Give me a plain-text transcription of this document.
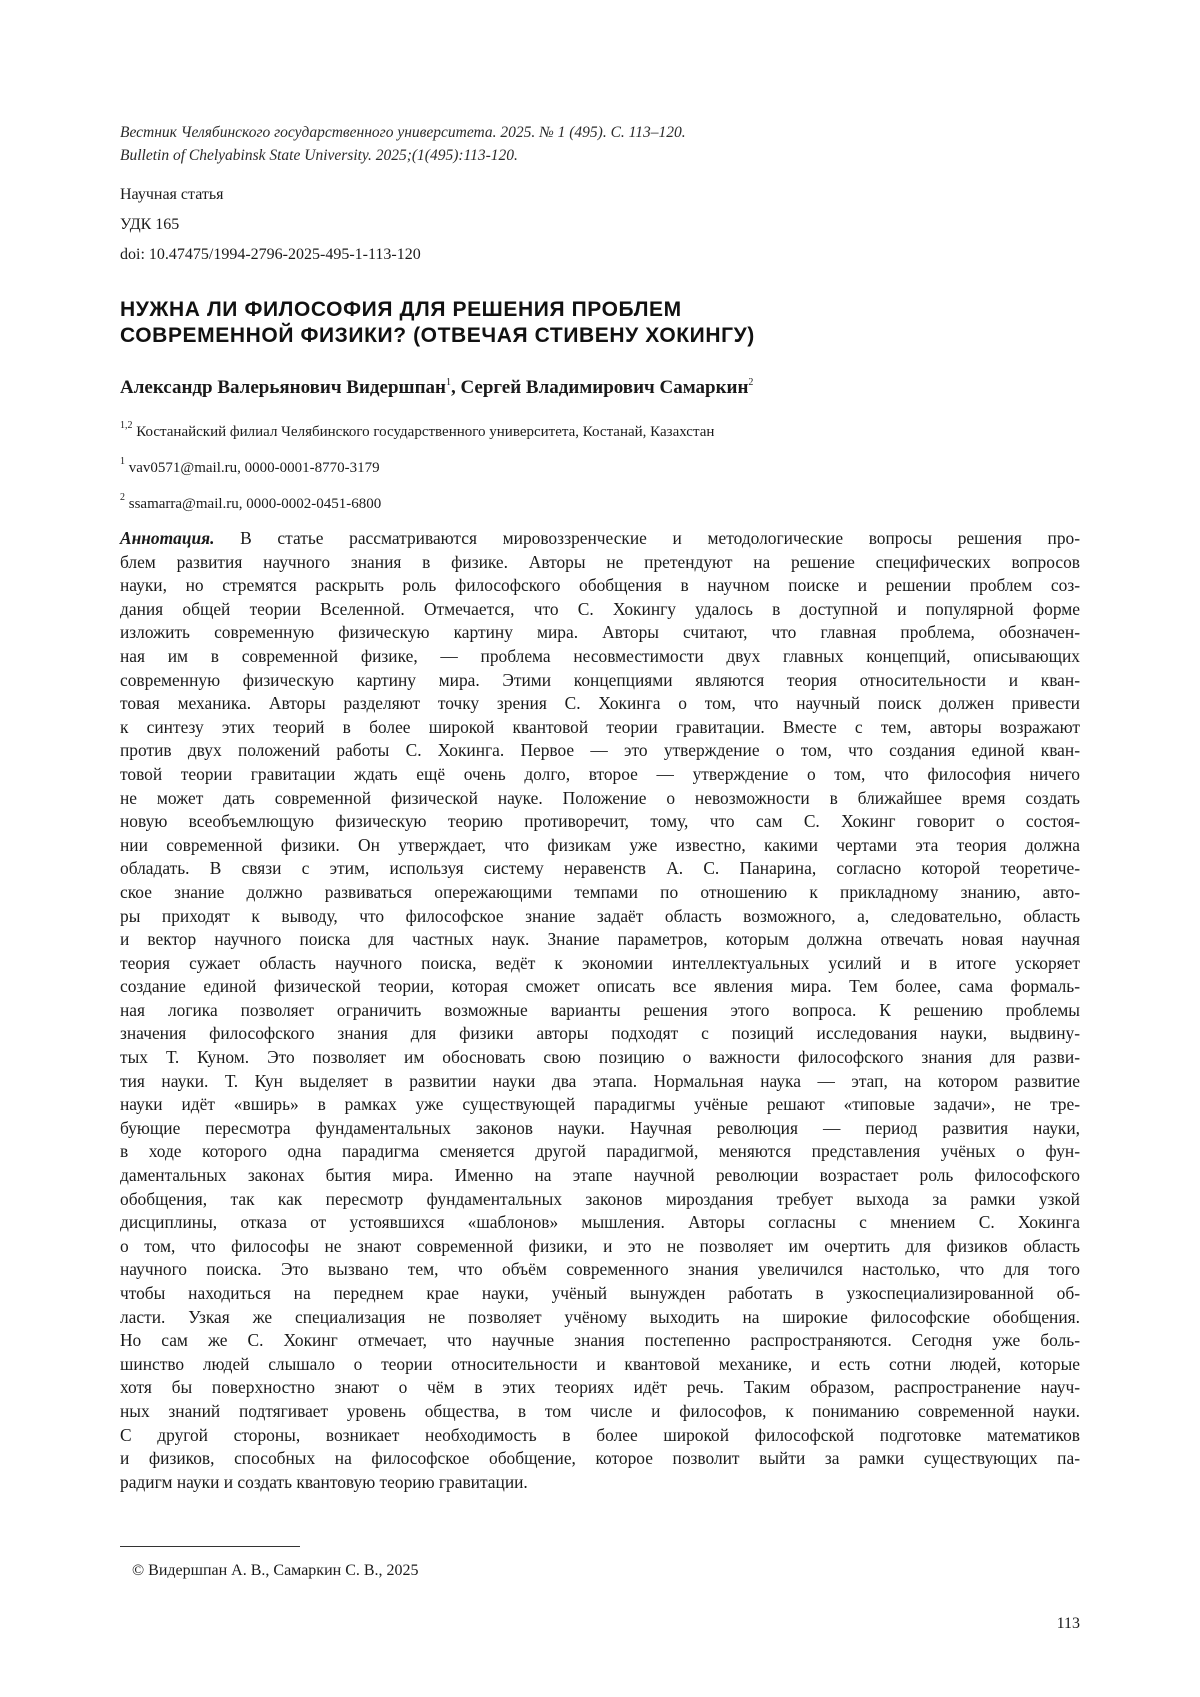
Вестник Челябинского государственного университета. 2025. № 1 (495). С. 113–120.
Bulletin of Chelyabinsk State University. 2025;(1(495):113-120.
Научная статья
УДК 165
doi: 10.47475/1994-2796-2025-495-1-113-120
НУЖНА ЛИ ФИЛОСОФИЯ ДЛЯ РЕШЕНИЯ ПРОБЛЕМ
СОВРЕМЕННОЙ ФИЗИКИ? (ОТВЕЧАЯ СТИВЕНУ ХОКИНГУ)
Александр Валерьянович Видершпан$^1$, Сергей Владимирович Самаркин$^2$
$^{1,2}$ Костанайский филиал Челябинского государственного университета, Костанай, Казахстан
$^1$ vav0571@mail.ru, 0000-0001-8770-3179
$^2$ ssamarra@mail.ru, 0000-0002-0451-6800
Аннотация. В статье рассматриваются мировоззренческие и методологические вопросы решения про-
блем развития научного знания в физике. Авторы не претендуют на решение специфических вопросов
науки, но стремятся раскрыть роль философского обобщения в научном поиске и решении проблем соз-
дания общей теории Вселенной. Отмечается, что С. Хокингу удалось в доступной и популярной форме
изложить современную физическую картину мира. Авторы считают, что главная проблема, обозначен-
ная им в современной физике, — проблема несовместимости двух главных концепций, описывающих
современную физическую картину мира. Этими концепциями являются теория относительности и кван-
товая механика. Авторы разделяют точку зрения С. Хокинга о том, что научный поиск должен привести
к синтезу этих теорий в более широкой квантовой теории гравитации. Вместе с тем, авторы возражают
против двух положений работы С. Хокинга. Первое — это утверждение о том, что создания единой кван-
товой теории гравитации ждать ещё очень долго, второе — утверждение о том, что философия ничего
не может дать современной физической науке. Положение о невозможности в ближайшее время создать
новую всеобъемлющую физическую теорию противоречит, тому, что сам С. Хокинг говорит о состоя-
нии современной физики. Он утверждает, что физикам уже известно, какими чертами эта теория должна
обладать. В связи с этим, используя систему неравенств А. С. Панарина, согласно которой теоретиче-
ское знание должно развиваться опережающими темпами по отношению к прикладному знанию, авто-
ры приходят к выводу, что философское знание задаёт область возможного, а, следовательно, область
и вектор научного поиска для частных наук. Знание параметров, которым должна отвечать новая научная
теория сужает область научного поиска, ведёт к экономии интеллектуальных усилий и в итоге ускоряет
создание единой физической теории, которая сможет описать все явления мира. Тем более, сама формаль-
ная логика позволяет ограничить возможные варианты решения этого вопроса. К решению проблемы
значения философского знания для физики авторы подходят с позиций исследования науки, выдвину-
тых Т. Куном. Это позволяет им обосновать свою позицию о важности философского знания для разви-
тия науки. Т. Кун выделяет в развитии науки два этапа. Нормальная наука — этап, на котором развитие
науки идёт «вширь» в рамках уже существующей парадигмы учёные решают «типовые задачи», не тре-
бующие пересмотра фундаментальных законов науки. Научная революция — период развития науки,
в ходе которого одна парадигма сменяется другой парадигмой, меняются представления учёных о фун-
даментальных законах бытия мира. Именно на этапе научной революции возрастает роль философского
обобщения, так как пересмотр фундаментальных законов мироздания требует выхода за рамки узкой
дисциплины, отказа от устоявшихся «шаблонов» мышления. Авторы согласны с мнением С. Хокинга
о том, что философы не знают современной физики, и это не позволяет им очертить для физиков область
научного поиска. Это вызвано тем, что объём современного знания увеличился настолько, что для того
чтобы находиться на переднем крае науки, учёный вынужден работать в узкоспециализированной об-
ласти. Узкая же специализация не позволяет учёному выходить на широкие философские обобщения.
Но сам же С. Хокинг отмечает, что научные знания постепенно распространяются. Сегодня уже боль-
шинство людей слышало о теории относительности и квантовой механике, и есть сотни людей, которые
хотя бы поверхностно знают о чём в этих теориях идёт речь. Таким образом, распространение науч-
ных знаний подтягивает уровень общества, в том числе и философов, к пониманию современной науки.
С другой стороны, возникает необходимость в более широкой философской подготовке математиков
и физиков, способных на философское обобщение, которое позволит выйти за рамки существующих па-
радигм науки и создать квантовую теорию гравитации.
© Видершпан А. В., Самаркин С. В., 2025
113
